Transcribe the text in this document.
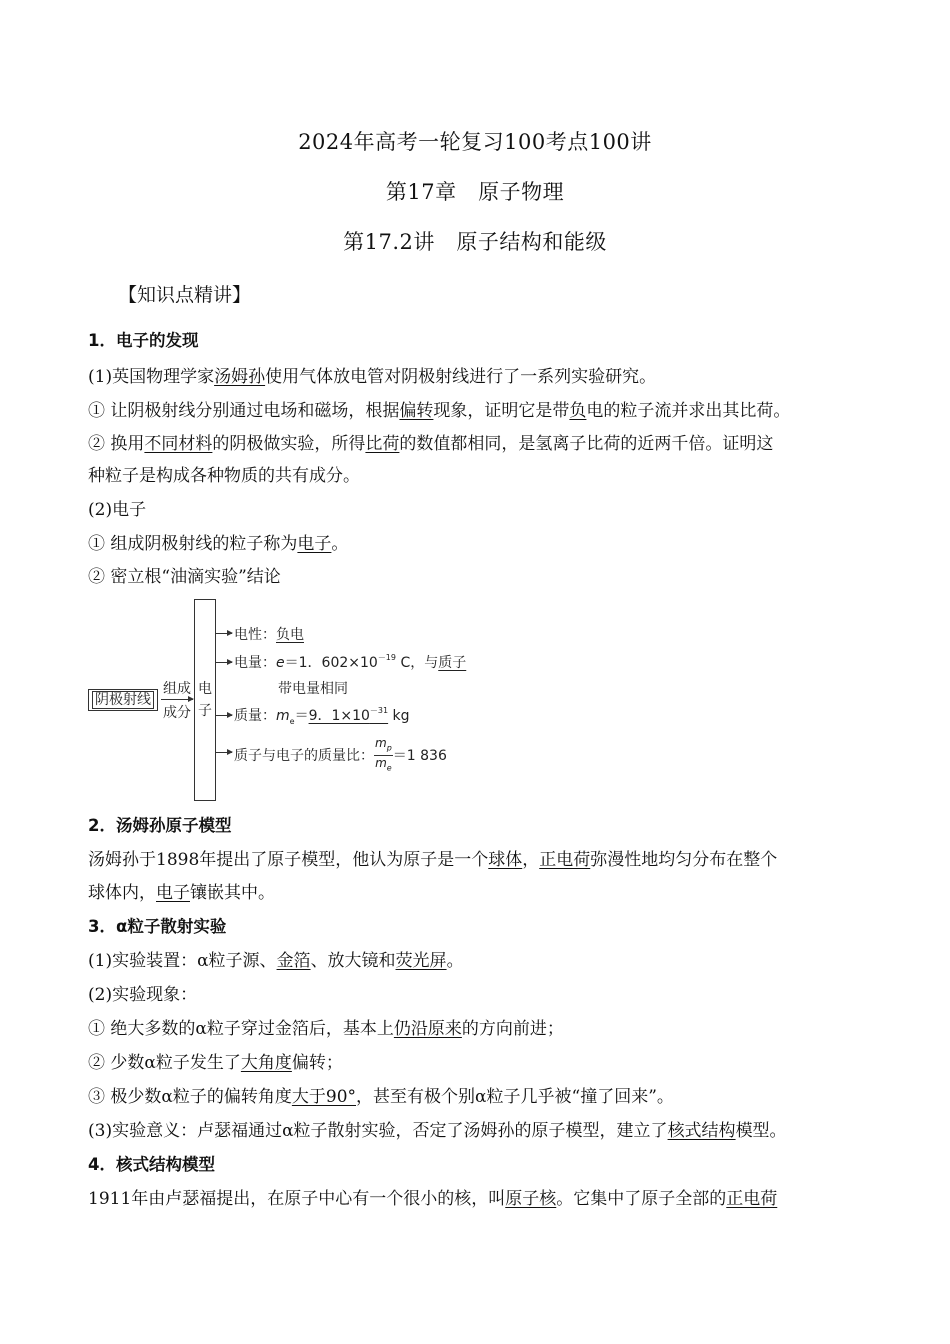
2024年高考一轮复习100考点100讲
第17章　原子物理
第17.2讲　原子结构和能级
【知识点精讲】
1．电子的发现
(1)英国物理学家汤姆孙使用气体放电管对阴极射线进行了一系列实验研究。
① 让阴极射线分别通过电场和磁场，根据偏转现象，证明它是带负电的粒子流并求出其比荷。
② 换用不同材料的阴极做实验，所得比荷的数值都相同，是氢离子比荷的近两千倍。证明这
种粒子是构成各种物质的共有成分。
(2)电子
① 组成阴极射线的粒子称为电子。
② 密立根“油滴实验”结论
阴极射线
组成
成分
电子
电性：负电
电量：e＝1．$602\times 10^{-19}$ C，与质子
带电量相同
质量：$m_e=9$．$1\times 10^{-31}$ kg
质子与电子的质量比： $\frac{m_p}{m_e} =1$ 836
2．汤姆孙原子模型
汤姆孙于1898年提出了原子模型，他认为原子是一个球体，正电荷弥漫性地均匀分布在整个
球体内，电子镶嵌其中。
3．α粒子散射实验
(1)实验装置：α粒子源、金箔、放大镜和荧光屏。
(2)实验现象：
① 绝大多数的α粒子穿过金箔后，基本上仍沿原来的方向前进；
② 少数α粒子发生了大角度偏转；
③ 极少数α粒子的偏转角度大于90°，甚至有极个别α粒子几乎被“撞了回来”。
(3)实验意义：卢瑟福通过α粒子散射实验，否定了汤姆孙的原子模型，建立了核式结构模型。
4．核式结构模型
1911年由卢瑟福提出，在原子中心有一个很小的核，叫原子核。它集中了原子全部的正电荷
